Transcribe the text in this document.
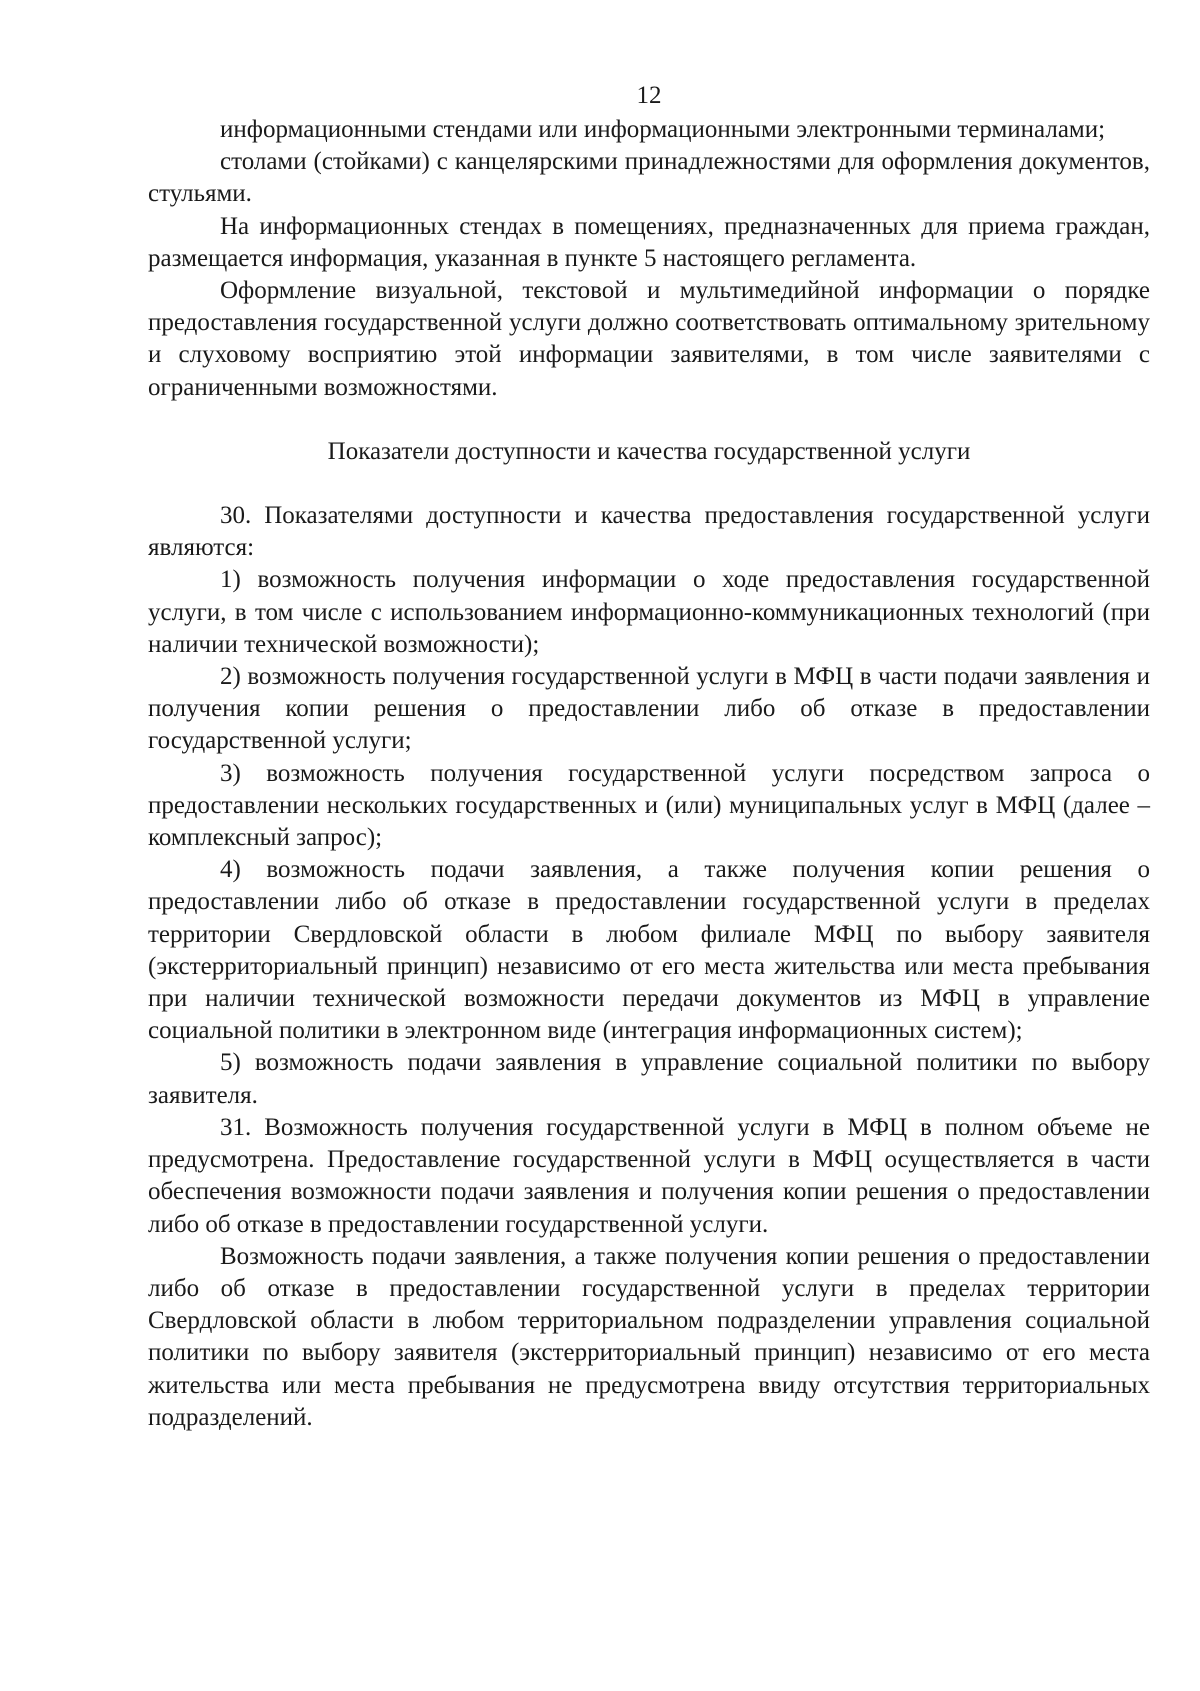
12

информационными стендами или информационными электронными терминалами;

столами (стойками) с канцелярскими принадлежностями для оформления документов, стульями.

На информационных стендах в помещениях, предназначенных для приема граждан, размещается информация, указанная в пункте 5 настоящего регламента.

Оформление визуальной, текстовой и мультимедийной информации о порядке предоставления государственной услуги должно соответствовать оптимальному зрительному и слуховому восприятию этой информации заявителями, в том числе заявителями с ограниченными возможностями.

Показатели доступности и качества государственной услуги

30. Показателями доступности и качества предоставления государственной услуги являются:

1) возможность получения информации о ходе предоставления государственной услуги, в том числе с использованием информационно-коммуникационных технологий (при наличии технической возможности);

2) возможность получения государственной услуги в МФЦ в части подачи заявления и получения копии решения о предоставлении либо об отказе в предоставлении государственной услуги;

3) возможность получения государственной услуги посредством запроса о предоставлении нескольких государственных и (или) муниципальных услуг в МФЦ (далее – комплексный запрос);

4) возможность подачи заявления, а также получения копии решения о предоставлении либо об отказе в предоставлении государственной услуги в пределах территории Свердловской области в любом филиале МФЦ по выбору заявителя (экстерриториальный принцип) независимо от его места жительства или места пребывания при наличии технической возможности передачи документов из МФЦ в управление социальной политики в электронном виде (интеграция информационных систем);

5) возможность подачи заявления в управление социальной политики по выбору заявителя.

31. Возможность получения государственной услуги в МФЦ в полном объеме не предусмотрена. Предоставление государственной услуги в МФЦ осуществляется в части обеспечения возможности подачи заявления и получения копии решения о предоставлении либо об отказе в предоставлении государственной услуги.

Возможность подачи заявления, а также получения копии решения о предоставлении либо об отказе в предоставлении государственной услуги в пределах территории Свердловской области в любом территориальном подразделении управления социальной политики по выбору заявителя (экстерриториальный принцип) независимо от его места жительства или места пребывания не предусмотрена ввиду отсутствия территориальных подразделений.
